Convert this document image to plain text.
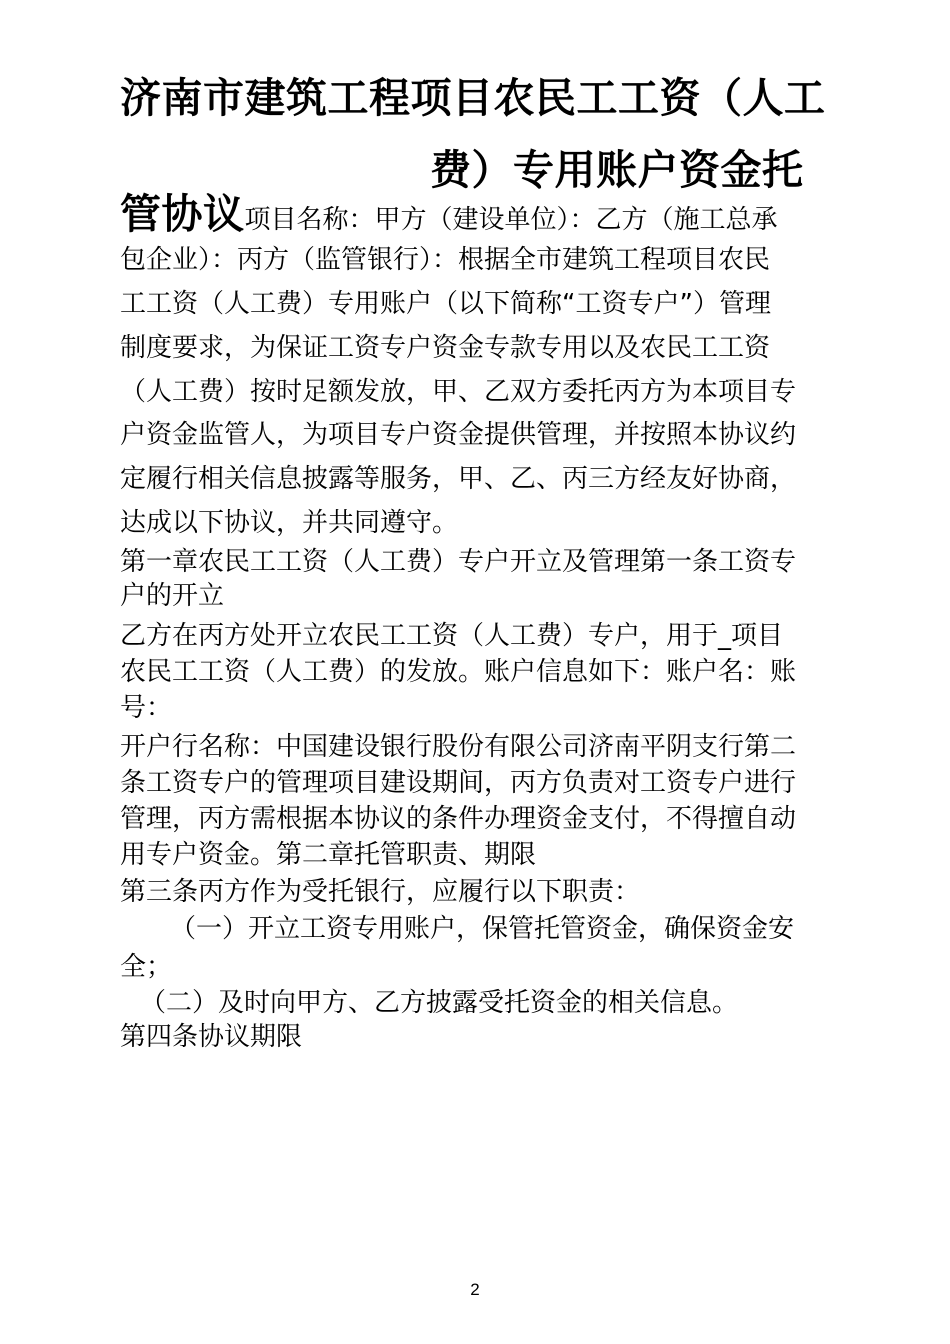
济南市建筑工程项目农民工工资（人工
费）专用账户资金托
管协议项目名称：甲方（建设单位）：乙方（施工总承
包企业）：丙方（监管银行）：根据全市建筑工程项目农民
工工资（人工费）专用账户（以下简称“工资专户”）管理
制度要求，为保证工资专户资金专款专用以及农民工工资
（人工费）按时足额发放，甲、乙双方委托丙方为本项目专
户资金监管人，为项目专户资金提供管理，并按照本协议约
定履行相关信息披露等服务，甲、乙、丙三方经友好协商，
达成以下协议，并共同遵守。
第一章农民工工资（人工费）专户开立及管理第一条工资专
户的开立
乙方在丙方处开立农民工工资（人工费）专户，用于_项目
农民工工资（人工费）的发放。账户信息如下：账户名：账
号：
开户行名称：中国建设银行股份有限公司济南平阴支行第二
条工资专户的管理项目建设期间，丙方负责对工资专户进行
管理，丙方需根据本协议的条件办理资金支付，不得擅自动
用专户资金。第二章托管职责、期限
第三条丙方作为受托银行，应履行以下职责：
（一）开立工资专用账户，保管托管资金，确保资金安
全；
（二）及时向甲方、乙方披露受托资金的相关信息。
第四条协议期限
2
